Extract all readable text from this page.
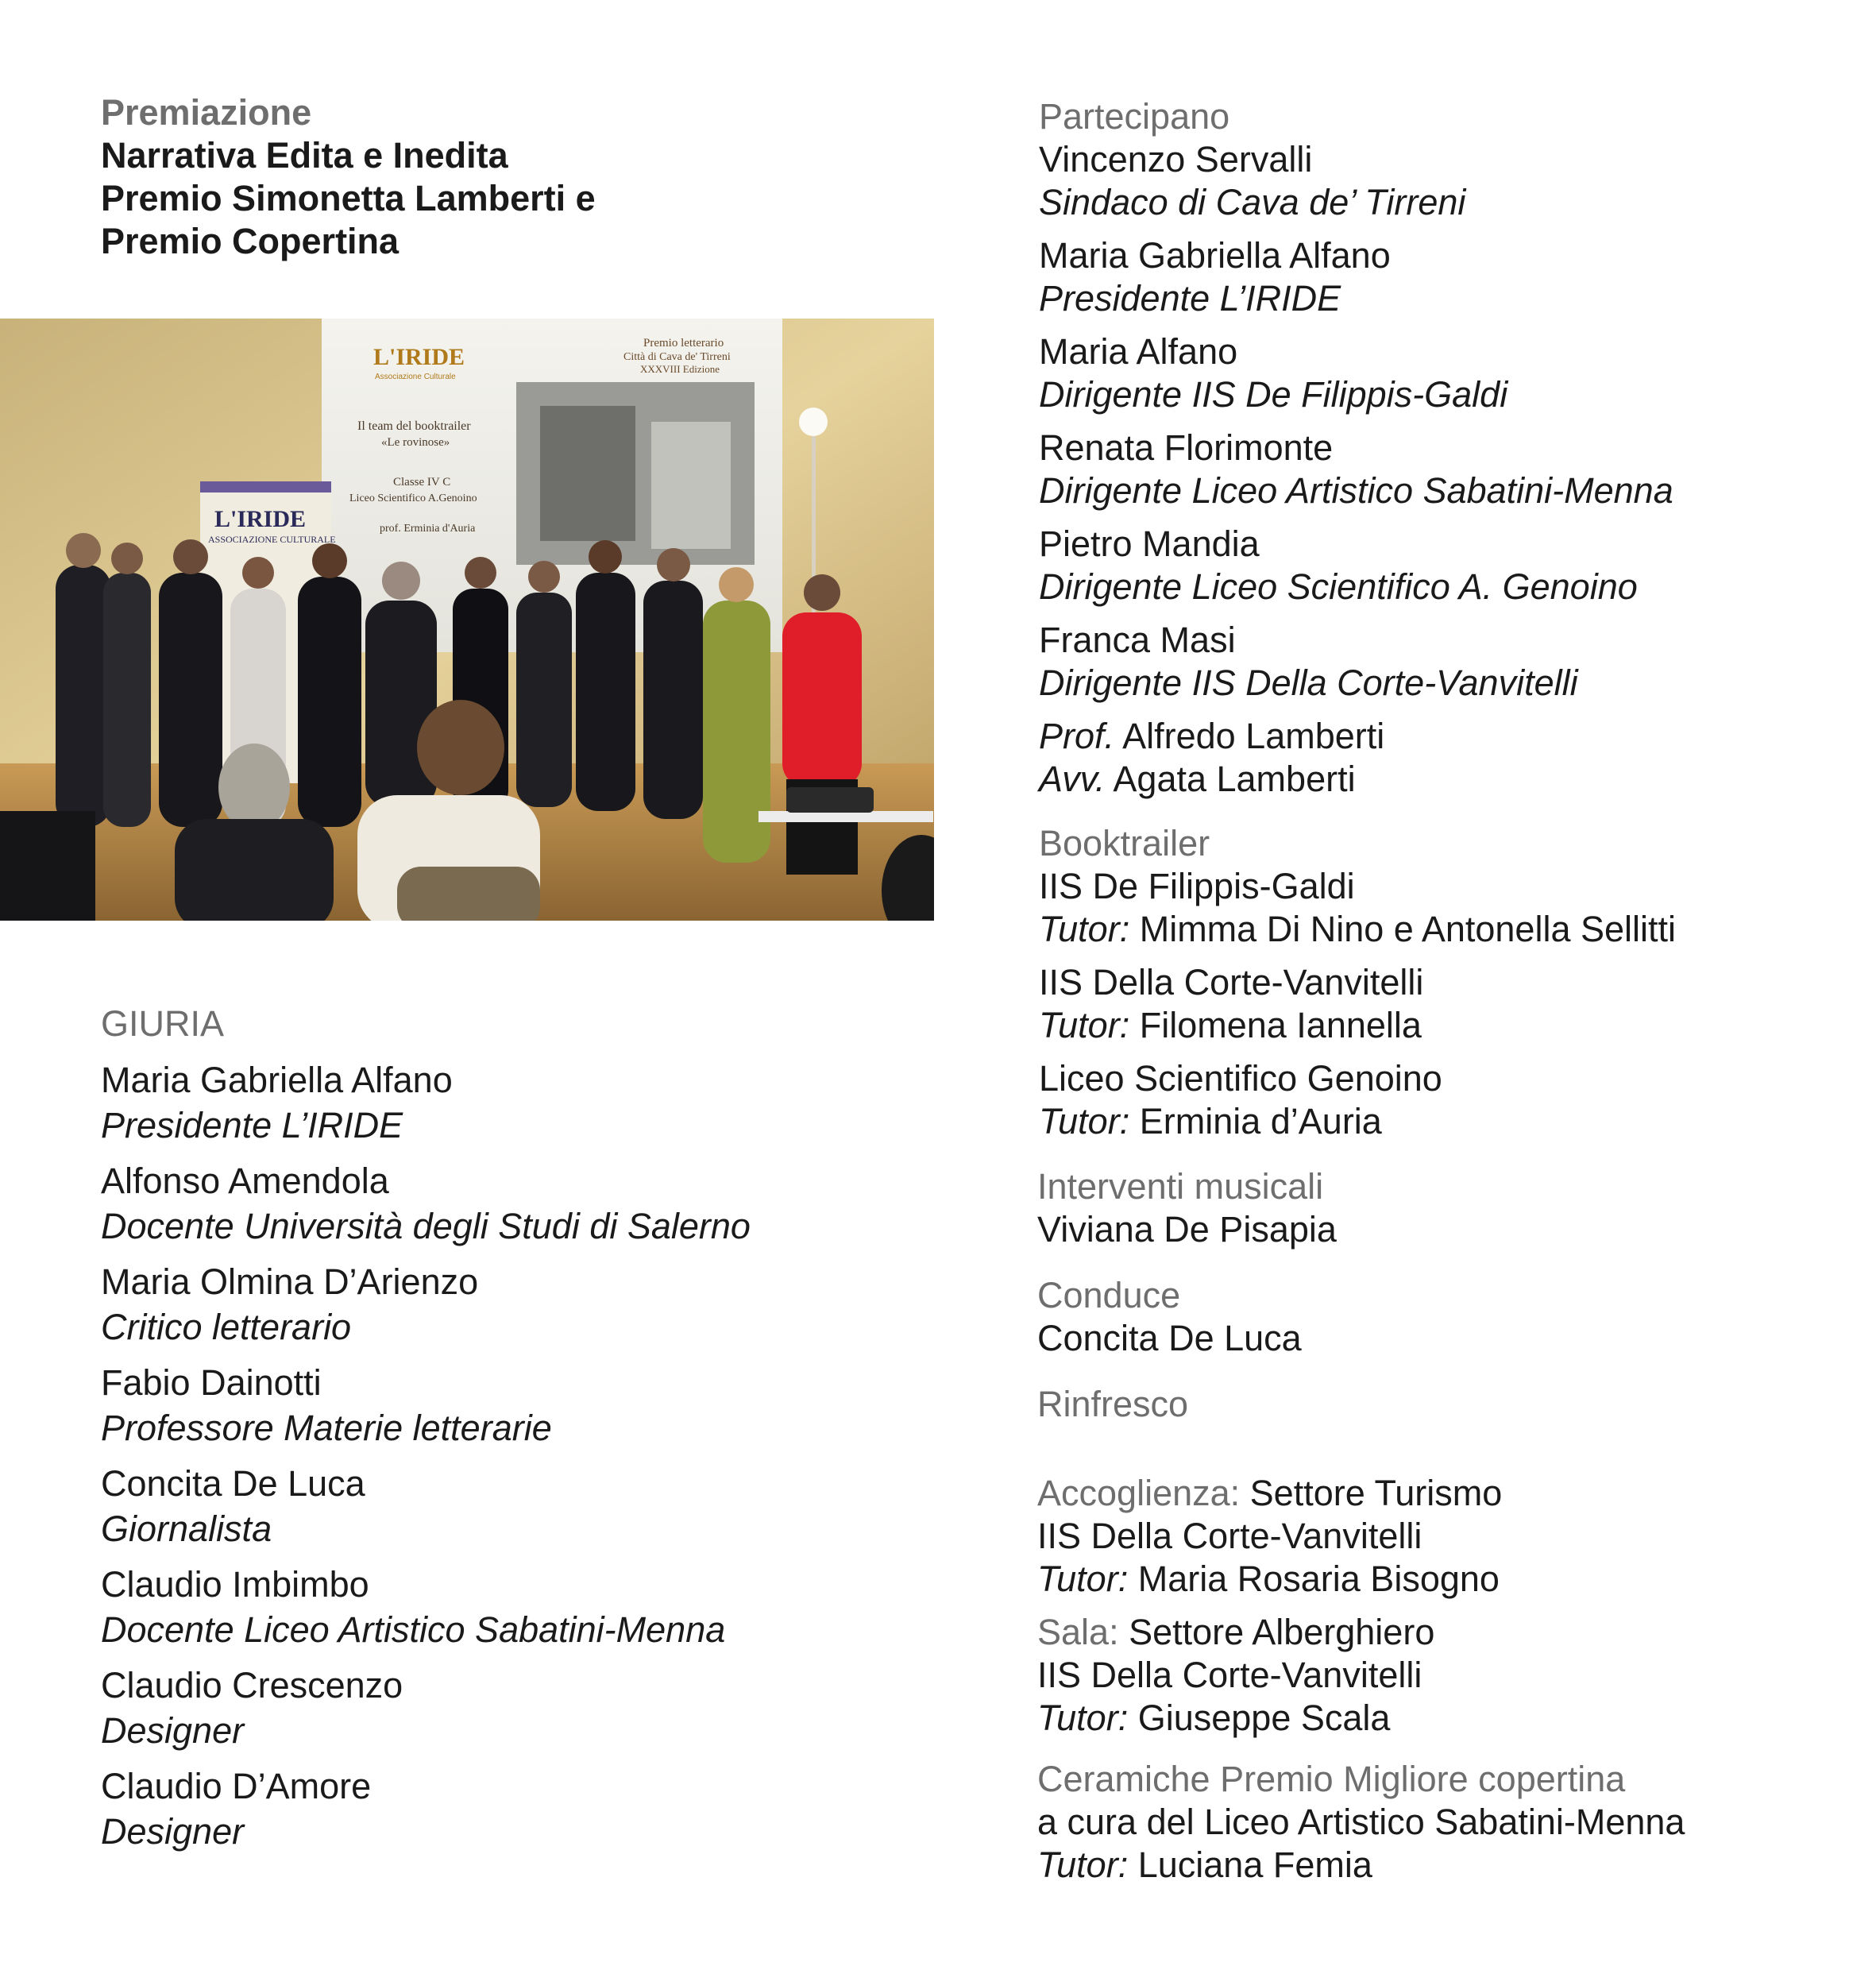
Premiazione
Narrativa Edita e Inedita
Premio Simonetta Lamberti e
Premio Copertina
L'IRIDE
Associazione Culturale
Premio letterario
Città di Cava de' Tirreni
XXXVIII Edizione
Il team del booktrailer
«Le rovinose»
Classe IV C
Liceo Scientifico A.Genoino
prof. Erminia d'Auria
L'IRIDE
ASSOCIAZIONE CULTURALE
GIURIA
Maria Gabriella Alfano
Presidente L’IRIDE
Alfonso Amendola
Docente Università degli Studi di Salerno
Maria Olmina D’Arienzo
Critico letterario
Fabio Dainotti
Professore Materie letterarie
Concita De Luca
Giornalista
Claudio Imbimbo
Docente Liceo Artistico Sabatini-Menna
Claudio Crescenzo
Designer
Claudio D’Amore
Designer
Partecipano
Vincenzo Servalli
Sindaco di Cava de’ Tirreni
Maria Gabriella Alfano
Presidente L’IRIDE
Maria Alfano
Dirigente IIS De Filippis-Galdi
Renata Florimonte
Dirigente Liceo Artistico Sabatini-Menna
Pietro Mandia
Dirigente Liceo Scientifico A. Genoino
Franca Masi
Dirigente IIS Della Corte-Vanvitelli
Prof. Alfredo Lamberti
Avv. Agata Lamberti
Booktrailer
IIS De Filippis-Galdi
Tutor: Mimma Di Nino e Antonella Sellitti
IIS Della Corte-Vanvitelli
Tutor: Filomena Iannella
Liceo Scientifico Genoino
Tutor: Erminia d’Auria
Interventi musicali
Viviana De Pisapia
Conduce
Concita De Luca
Rinfresco
Accoglienza: Settore Turismo
IIS Della Corte-Vanvitelli
Tutor: Maria Rosaria Bisogno
Sala: Settore Alberghiero
IIS Della Corte-Vanvitelli
Tutor: Giuseppe Scala
Ceramiche Premio Migliore copertina
a cura del Liceo Artistico Sabatini-Menna
Tutor: Luciana Femia
